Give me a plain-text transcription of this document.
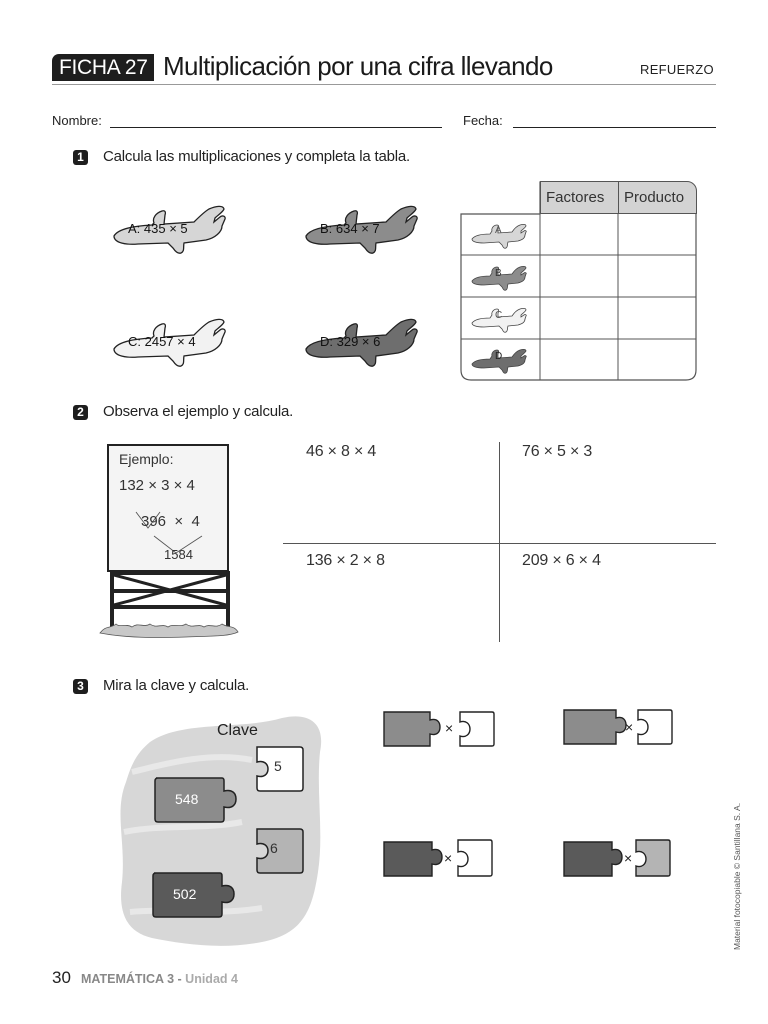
FICHA 27 Multiplicación por una cifra llevando	REFUERZO
Nombre:	Fecha:
1 Calcula las multiplicaciones y completa la tabla.
A: 435 × 5	B: 634 × 7
C: 2457 × 4	D: 329 × 6
Factores	Producto
A
B
C
D
2 Observa el ejemplo y calcula.
Ejemplo:
132 × 3 × 4
396  ×  4
1584
46 × 8 × 4	76 × 5 × 3
136 × 2 × 8	209 × 6 × 4
3 Mira la clave y calcula.
Clave
5
548
6
502
×	×
×	×
30 MATEMÁTICA 3 - Unidad 4
Material fotocopiable © Santillana S. A.
